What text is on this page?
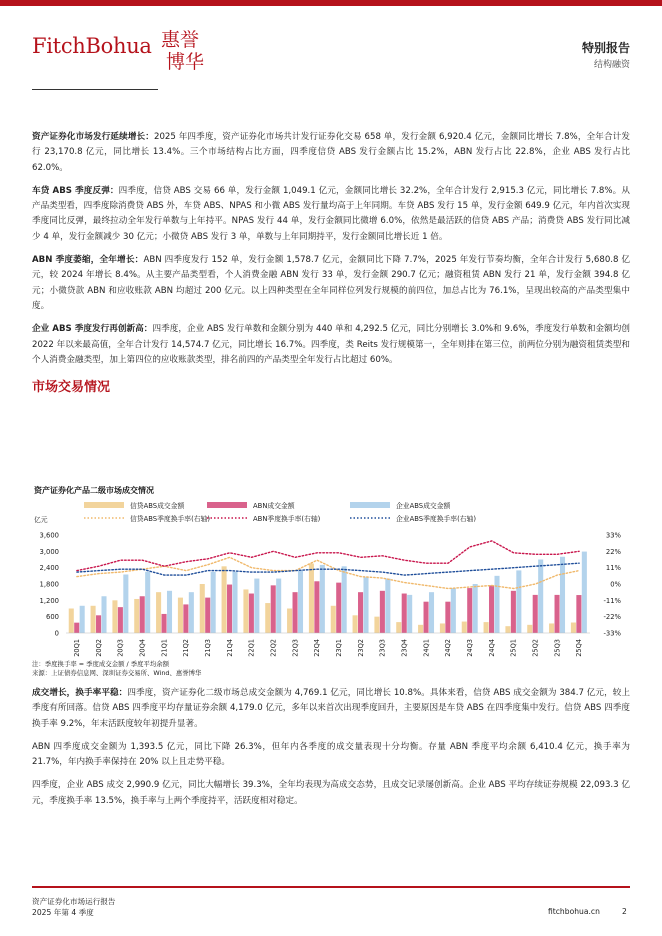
FitchBohua 惠誉
博华
特别报告
结构融资

资产证券化市场发行延续增长：2025 年四季度，资产证券化市场共计发行证券化交易 658 单，发行金额 6,920.4 亿元，金额同比增长 7.8%，全年合计发行 23,170.8 亿元，同比增长 13.4%。三个市场结构占比方面，四季度信贷 ABS 发行金额占比 15.2%，ABN 发行占比 22.8%，企业 ABS 发行占比 62.0%。

车贷 ABS 季度反弹：四季度，信贷 ABS 交易 66 单，发行金额 1,049.1 亿元，金额同比增长 32.2%，全年合计发行 2,915.3 亿元，同比增长 7.8%。从产品类型看，四季度除消费贷 ABS 外，车贷 ABS、NPAS 和小微 ABS 发行量均高于上年同期。车贷 ABS 发行 15 单，发行金额 649.9 亿元，年内首次实现季度同比反弹，最终拉动全年发行单数与上年持平。NPAS 发行 44 单，发行金额同比微增 6.0%，依然是最活跃的信贷 ABS 产品；消费贷 ABS 发行同比减少 4 单，发行金额减少 30 亿元；小微贷 ABS 发行 3 单，单数与上年同期持平，发行金额同比增长近 1 倍。

ABN 季度萎缩，全年增长：ABN 四季度发行 152 单，发行金额 1,578.7 亿元，金额同比下降 7.7%，2025 年发行节奏均衡，全年合计发行 5,680.8 亿元，较 2024 年增长 8.4%。从主要产品类型看，个人消费金融 ABN 发行 33 单，发行金额 290.7 亿元；融资租赁 ABN 发行 21 单，发行金额 394.8 亿元；小微贷款 ABN 和应收账款 ABN 均超过 200 亿元。以上四种类型在全年同样位列发行规模的前四位，加总占比为 76.1%，呈现出较高的产品类型集中度。

企业 ABS 季度发行再创新高：四季度，企业 ABS 发行单数和金额分别为 440 单和 4,292.5 亿元，同比分别增长 3.0%和 9.6%，季度发行单数和金额均创 2022 年以来最高值，全年合计发行 14,574.7 亿元，同比增长 16.7%。四季度，类 Reits 发行规模第一，全年则排在第三位，前两位分别为融资租赁类型和个人消费金融类型，加上第四位的应收账款类型，排名前四的产品类型全年发行占比超过 60%。

市场交易情况
资产证券化产品二级市场成交情况
信贷ABS成交金额	ABN成交金额	企业ABS成交金额
信贷ABS季度换手率(右轴)	ABN季度换手率(右轴)	企业ABS季度换手率(右轴)
亿元
3,600
3,000
2,400
1,800
1,200
600
0
33%
22%
11%
0%
-11%
-22%
-33%
20Q1 20Q2 20Q3 20Q4 21Q1 21Q2 21Q3 21Q4 22Q1 22Q2 22Q3 22Q4 23Q1 23Q2 23Q3 23Q4 24Q1 24Q2 24Q3 24Q4 25Q1 25Q2 25Q3 25Q4
注：季度换手率 = 季度成交金额 / 季度平均余额
来源：上证债券信息网、深圳证券交易所、Wind、惠誉博华

成交增长，换手率平稳：四季度，资产证券化二级市场总成交金额为 4,769.1 亿元，同比增长 10.8%。具体来看，信贷 ABS 成交金额为 384.7 亿元，较上季度有所回落。信贷 ABS 四季度平均存量证券余额 4,179.0 亿元，多年以来首次出现季度回升，主要原因是车贷 ABS 在四季度集中发行。信贷 ABS 四季度换手率 9.2%，年末活跃度较年初提升显著。

ABN 四季度成交金额为 1,393.5 亿元，同比下降 26.3%，但年内各季度的成交量表现十分均衡。存量 ABN 季度平均余额 6,410.4 亿元，换手率为 21.7%，年内换手率保持在 20% 以上且走势平稳。

四季度，企业 ABS 成交 2,990.9 亿元，同比大幅增长 39.3%，全年均表现为高成交态势，且成交记录屡创新高。企业 ABS 平均存续证券规模 22,093.3 亿元，季度换手率 13.5%，换手率与上两个季度持平，活跃度相对稳定。

资产证券化市场运行报告
2025 年第 4 季度	fitchbohua.cn	2
